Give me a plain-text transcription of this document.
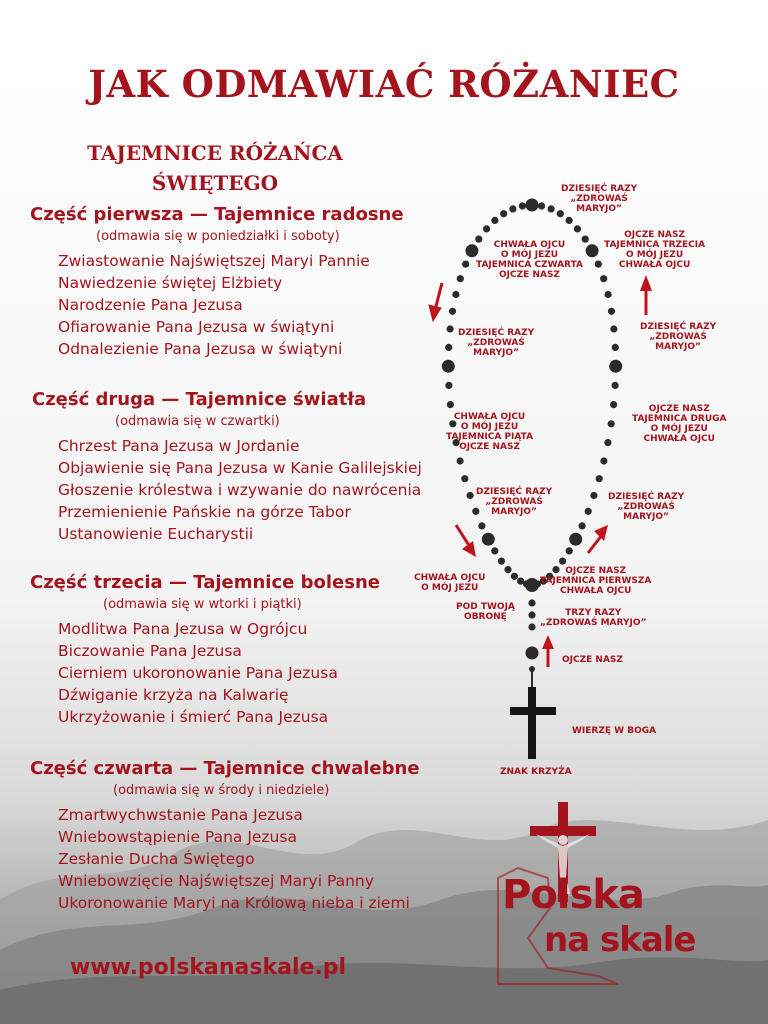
JAK ODMAWIAĆ RÓŻANIEC
TAJEMNICE RÓŻAŃCA
ŚWIĘTEGO
Część pierwsza — Tajemnice radosne
(odmawia się w poniedziałki i soboty)
Zwiastowanie Najświętszej Maryi Pannie
Nawiedzenie świętej Elżbiety
Narodzenie Pana Jezusa
Ofiarowanie Pana Jezusa w świątyni
Odnalezienie Pana Jezusa w świątyni
Część druga — Tajemnice światła
(odmawia się w czwartki)
Chrzest Pana Jezusa w Jordanie
Objawienie się Pana Jezusa w Kanie Galilejskiej
Głoszenie królestwa i wzywanie do nawrócenia
Przemienienie Pańskie na górze Tabor
Ustanowienie Eucharystii
Część trzecia — Tajemnice bolesne
(odmawia się w wtorki i piątki)
Modlitwa Pana Jezusa w Ogrójcu
Biczowanie Pana Jezusa
Cierniem ukoronowanie Pana Jezusa
Dźwiganie krzyża na Kalwarię
Ukrzyżowanie i śmierć Pana Jezusa
Część czwarta — Tajemnice chwalebne
(odmawia się w środy i niedziele)
Zmartwychwstanie Pana Jezusa
Wniebowstąpienie Pana Jezusa
Zesłanie Ducha Świętego
Wniebowzięcie Najświętszej Maryi Panny
Ukoronowanie Maryi na Królową nieba i ziemi
www.polskanaskale.pl
DZIESIĘĆ RAZY
„ZDROWAŚ
MARYJO”
CHWAŁA OJCU
O MÓJ JEZU
TAJEMNICA CZWARTA
OJCZE NASZ
OJCZE NASZ
TAJEMNICA TRZECIA
O MÓJ JEZU
CHWAŁA OJCU
DZIESIĘĆ RAZY
„ZDROWAŚ
MARYJO”
DZIESIĘĆ RAZY
„ZDROWAŚ
MARYJO”
CHWAŁA OJCU
O MÓJ JEZU
TAJEMNICA PIĄTA
OJCZE NASZ
OJCZE NASZ
TAJEMNICA DRUGA
O MÓJ JEZU
CHWAŁA OJCU
DZIESIĘĆ RAZY
„ZDROWAŚ
MARYJO”
DZIESIĘĆ RAZY
„ZDROWAŚ
MARYJO”
CHWAŁA OJCU
O MÓJ JEZU
OJCZE NASZ
TAJEMNICA PIERWSZA
CHWAŁA OJCU
POD TWOJĄ
OBRONĘ	TRZY RAZY
„ZDROWAŚ MARYJO”
OJCZE NASZ
WIERZĘ W BOGA
ZNAK KRZYŻA
Polska
na skale
